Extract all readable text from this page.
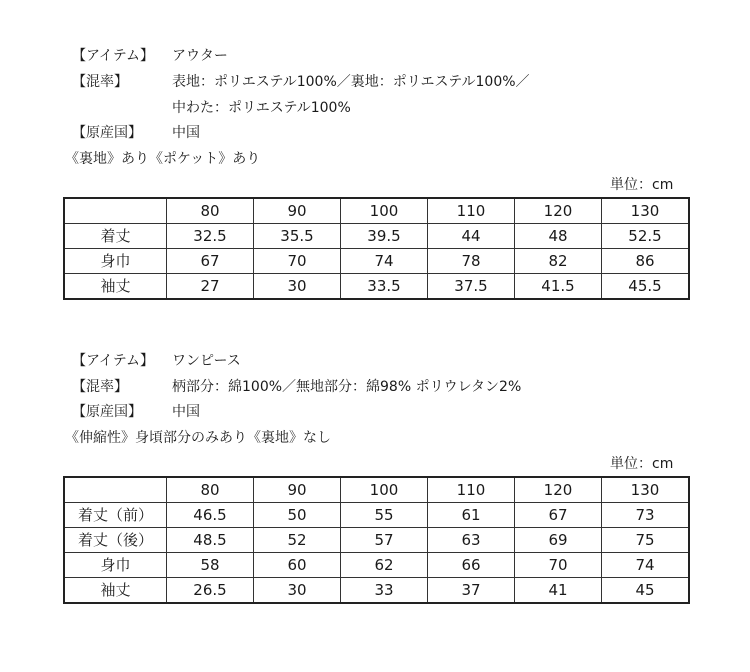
【アイテム】 アウター
【混率】	表地：ポリエステル100%／裏地：ポリエステル100%／
中わた：ポリエステル100%
【原産国】 中国
《裏地》あり《ポケット》あり
単位：cm
	80	90	100	110	120	130
着丈	32.5	35.5	39.5	44	48	52.5
身巾	67	70	74	78	82	86
袖丈	27	30	33.5	37.5	41.5	45.5
【アイテム】 ワンピース
【混率】	柄部分：綿100%／無地部分：綿98% ポリウレタン2%
【原産国】 中国
《伸縮性》身頃部分のみあり《裏地》なし
単位：cm
	80	90	100	110	120	130
着丈（前）	46.5	50	55	61	67	73
着丈（後）	48.5	52	57	63	69	75
身巾	58	60	62	66	70	74
袖丈	26.5	30	33	37	41	45
